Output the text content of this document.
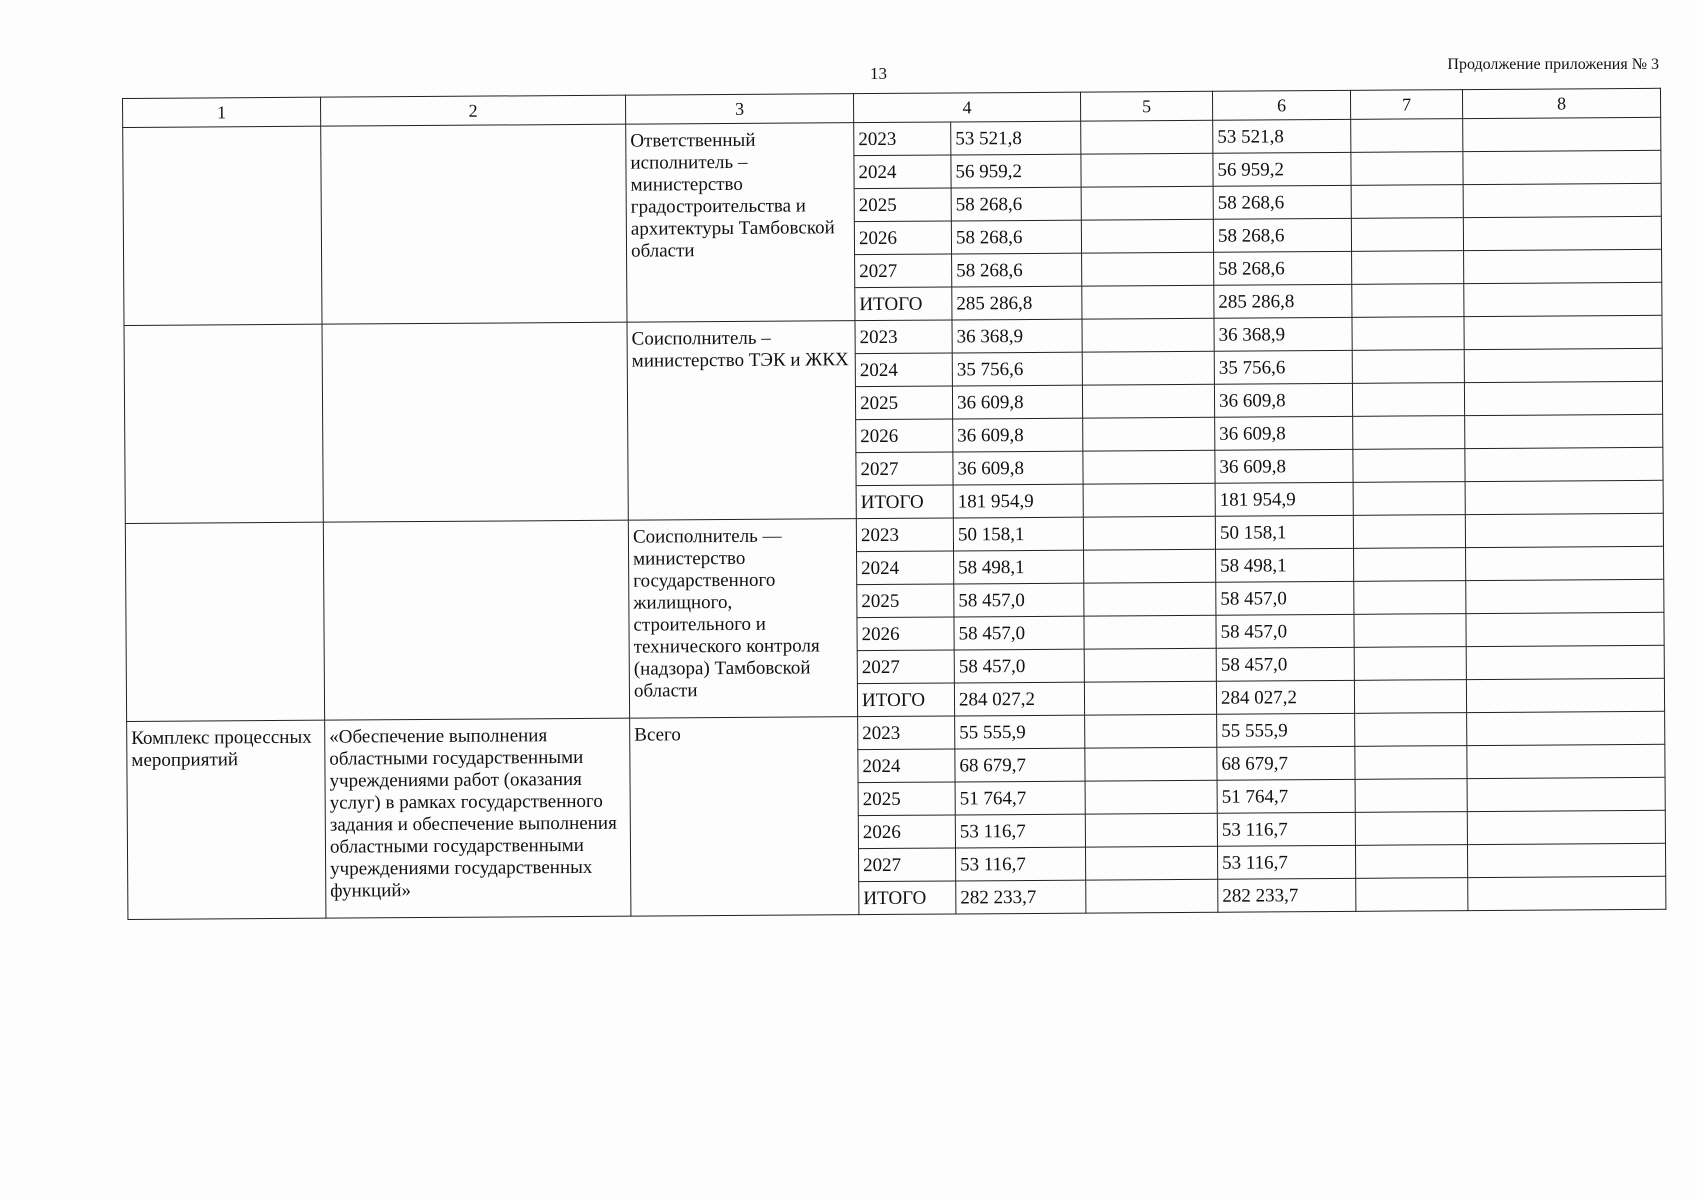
13	Продолжение приложения № 3
1	2	3	4		5	6	7	8
		Ответственный исполнитель – министерство градостроительства и архитектуры Тамбовской области	2023	53 521,8		53 521,8		
			2024	56 959,2		56 959,2		
			2025	58 268,6		58 268,6		
			2026	58 268,6		58 268,6		
			2027	58 268,6		58 268,6		
			ИТОГО	285 286,8		285 286,8		
		Соисполнитель – министерство ТЭК и ЖКХ	2023	36 368,9		36 368,9		
			2024	35 756,6		35 756,6		
			2025	36 609,8		36 609,8		
			2026	36 609,8		36 609,8		
			2027	36 609,8		36 609,8		
			ИТОГО	181 954,9		181 954,9		
		Соисполнитель — министерство государственного жилищного, строительного и технического контроля (надзора) Тамбовской области	2023	50 158,1		50 158,1		
			2024	58 498,1		58 498,1		
			2025	58 457,0		58 457,0		
			2026	58 457,0		58 457,0		
			2027	58 457,0		58 457,0		
			ИТОГО	284 027,2		284 027,2		
Комплекс процессных мероприятий	«Обеспечение выполнения областными государственными учреждениями работ (оказания услуг) в рамках государственного задания и обеспечение выполнения областными государственными учреждениями государственных функций»	Всего	2023	55 555,9		55 555,9		
			2024	68 679,7		68 679,7		
			2025	51 764,7		51 764,7		
			2026	53 116,7		53 116,7		
			2027	53 116,7		53 116,7		
			ИТОГО	282 233,7		282 233,7		
